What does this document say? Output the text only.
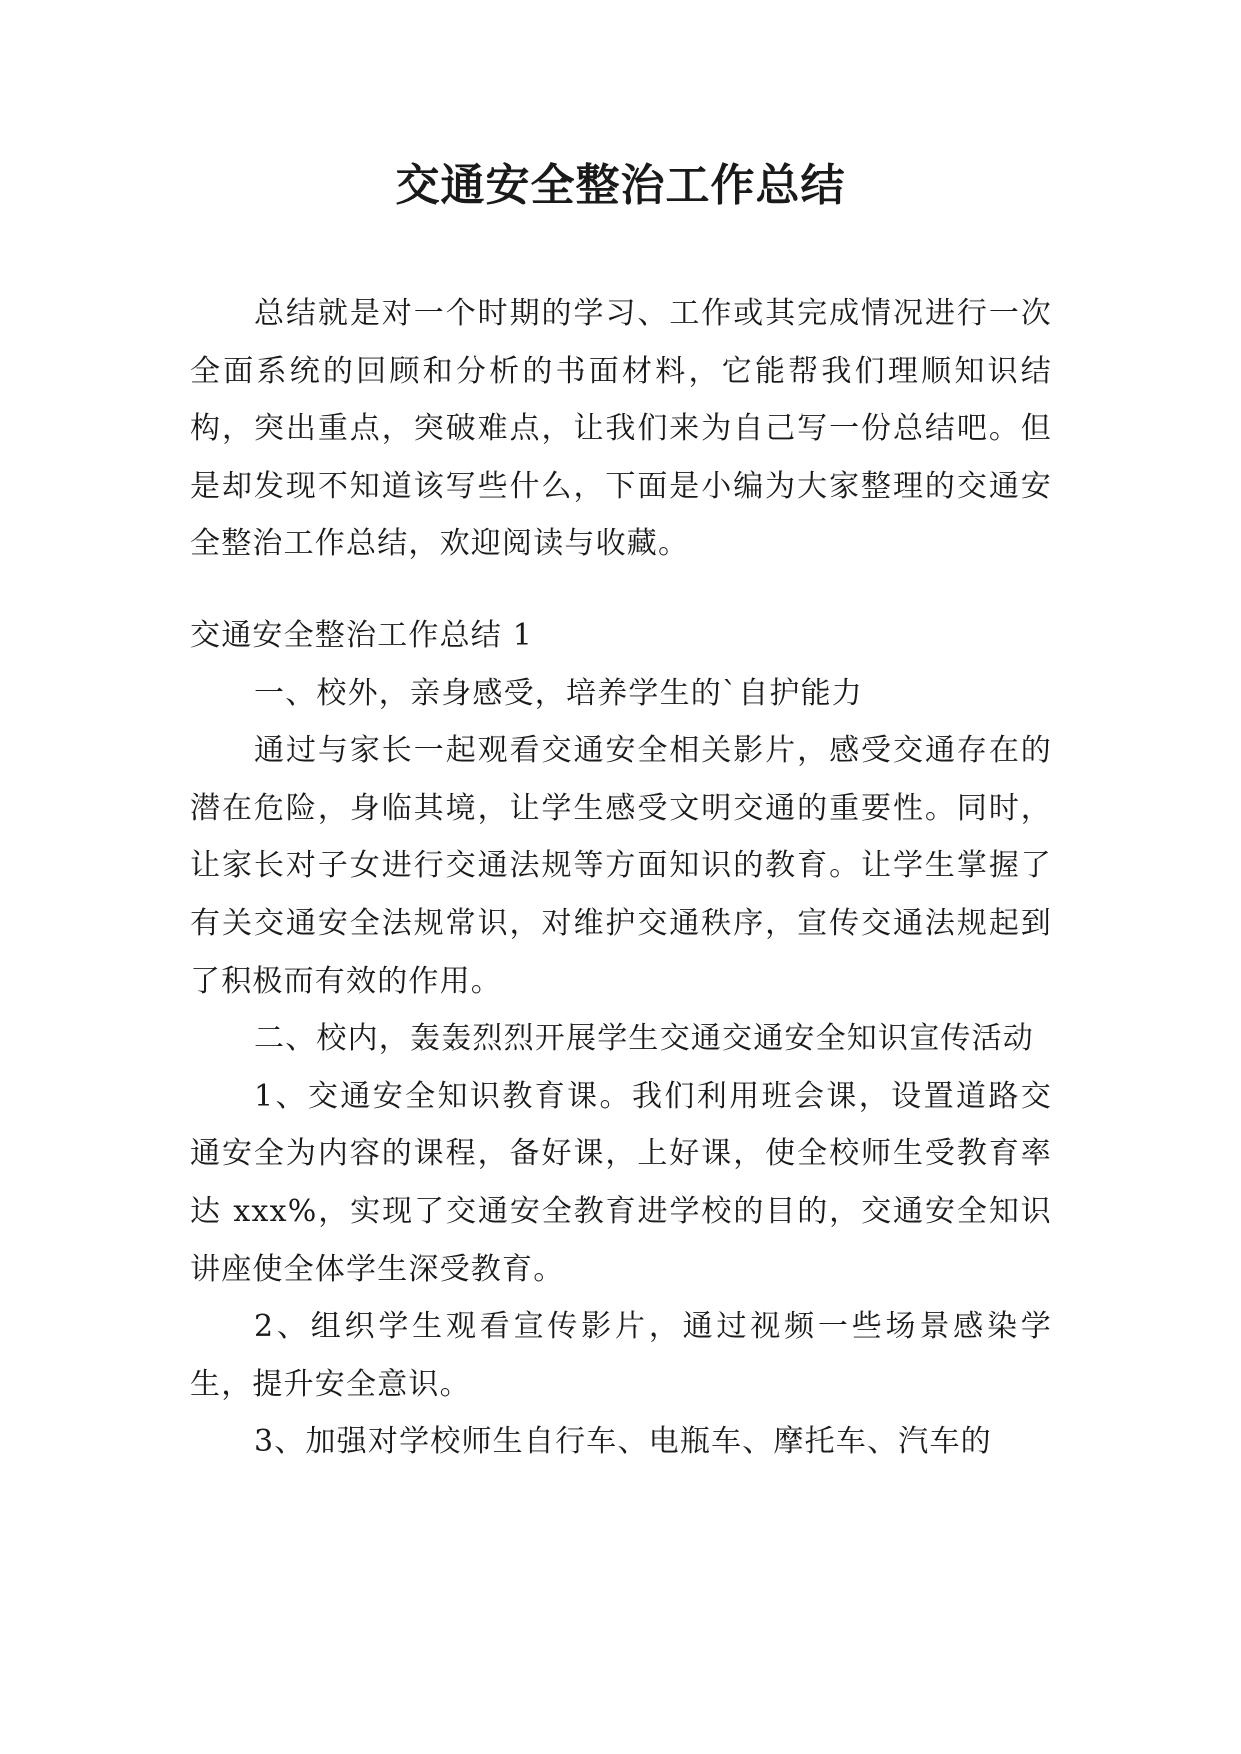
交通安全整治工作总结

总结就是对一个时期的学习、工作或其完成情况进行一次全面系统的回顾和分析的书面材料，它能帮我们理顺知识结构，突出重点，突破难点，让我们来为自己写一份总结吧。但是却发现不知道该写些什么，下面是小编为大家整理的交通安全整治工作总结，欢迎阅读与收藏。

交通安全整治工作总结 1

一、校外，亲身感受，培养学生的`自护能力

通过与家长一起观看交通安全相关影片，感受交通存在的潜在危险，身临其境，让学生感受文明交通的重要性。同时，让家长对子女进行交通法规等方面知识的教育。让学生掌握了有关交通安全法规常识，对维护交通秩序，宣传交通法规起到了积极而有效的作用。

二、校内，轰轰烈烈开展学生交通交通安全知识宣传活动

1、交通安全知识教育课。我们利用班会课，设置道路交通安全为内容的课程，备好课，上好课，使全校师生受教育率达 xxx%，实现了交通安全教育进学校的目的，交通安全知识讲座使全体学生深受教育。

2、组织学生观看宣传影片，通过视频一些场景感染学生，提升安全意识。

3、加强对学校师生自行车、电瓶车、摩托车、汽车的
